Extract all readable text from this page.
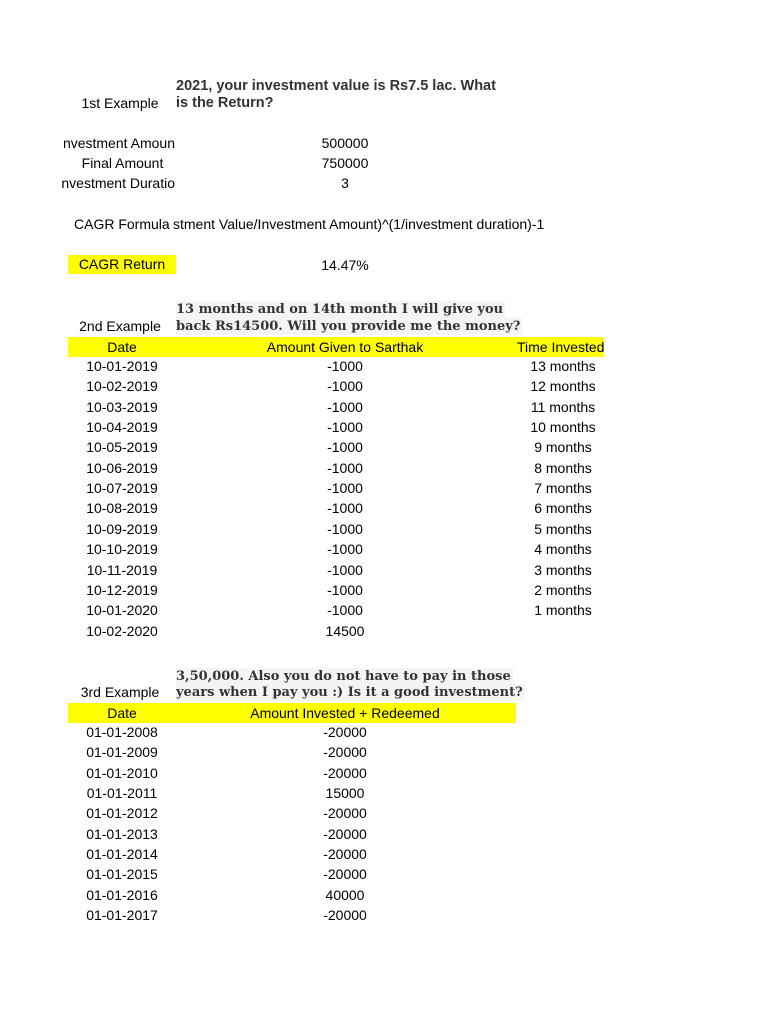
2021, your investment value is Rs7.5 lac. What
is the Return?
1st Example
nvestment Amoun	500000
Final Amount	750000
nvestment Duratio	3
CAGR Formula stment Value/Investment Amount)^(1/investment duration)-1
CAGR Return	14.47%
13 months and on 14th month I will give you
back Rs14500. Will you provide me the money?
2nd Example
Date	Amount Given to Sarthak	Time Invested
10-01-2019	-1000	13 months
10-02-2019	-1000	12 months
10-03-2019	-1000	11 months
10-04-2019	-1000	10 months
10-05-2019	-1000	9 months
10-06-2019	-1000	8 months
10-07-2019	-1000	7 months
10-08-2019	-1000	6 months
10-09-2019	-1000	5 months
10-10-2019	-1000	4 months
10-11-2019	-1000	3 months
10-12-2019	-1000	2 months
10-01-2020	-1000	1 months
10-02-2020	14500
3,50,000. Also you do not have to pay in those
years when I pay you :) Is it a good investment?
3rd Example
Date	Amount Invested + Redeemed
01-01-2008	-20000
01-01-2009	-20000
01-01-2010	-20000
01-01-2011	15000
01-01-2012	-20000
01-01-2013	-20000
01-01-2014	-20000
01-01-2015	-20000
01-01-2016	40000
01-01-2017	-20000
